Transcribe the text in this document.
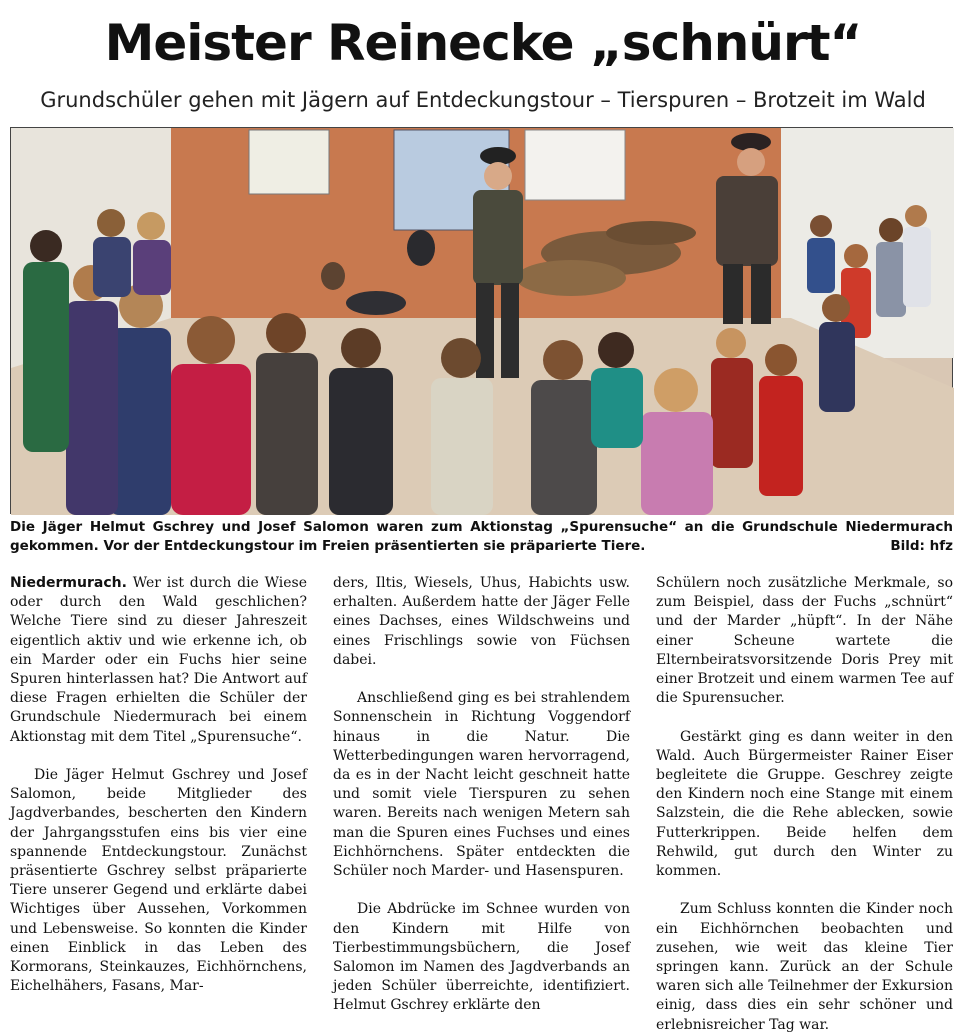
Meister Reinecke „schnürt“
Grundschüler gehen mit Jägern auf Entdeckungstour – Tierspuren – Brotzeit im Wald
Die Jäger Helmut Gschrey und Josef Salomon waren zum Aktionstag „Spurensuche“ an die Grundschule Niedermurach gekommen. Vor der Entdeckungstour im Freien präsentierten sie präparierte Tiere.	Bild: hfz

Niedermurach. Wer ist durch die Wiese oder durch den Wald geschlichen? Welche Tiere sind zu dieser Jahreszeit eigentlich aktiv und wie erkenne ich, ob ein Marder oder ein Fuchs hier seine Spuren hinterlassen hat? Die Antwort auf diese Fragen erhielten die Schüler der Grundschule Niedermurach bei einem Aktionstag mit dem Titel „Spurensuche“.

Die Jäger Helmut Gschrey und Josef Salomon, beide Mitglieder des Jagdverbandes, bescherten den Kindern der Jahrgangsstufen eins bis vier eine spannende Entdeckungstour. Zunächst präsentierte Gschrey selbst präparierte Tiere unserer Gegend und erklärte dabei Wichtiges über Aussehen, Vorkommen und Lebensweise. So konnten die Kinder einen Einblick in das Leben des Kormorans, Steinkauzes, Eichhörnchens, Eichelhähers, Fasans, Mar-

ders, Iltis, Wiesels, Uhus, Habichts usw. erhalten. Außerdem hatte der Jäger Felle eines Dachses, eines Wildschweins und eines Frischlings sowie von Füchsen dabei.

Anschließend ging es bei strahlendem Sonnenschein in Richtung Voggendorf hinaus in die Natur. Die Wetterbedingungen waren hervorragend, da es in der Nacht leicht geschneit hatte und somit viele Tierspuren zu sehen waren. Bereits nach wenigen Metern sah man die Spuren eines Fuchses und eines Eichhörnchens. Später entdeckten die Schüler noch Marder- und Hasenspuren.

Die Abdrücke im Schnee wurden von den Kindern mit Hilfe von Tierbestimmungsbüchern, die Josef Salomon im Namen des Jagdverbands an jeden Schüler überreichte, identifiziert. Helmut Gschrey erklärte den

Schülern noch zusätzliche Merkmale, so zum Beispiel, dass der Fuchs „schnürt“ und der Marder „hüpft“. In der Nähe einer Scheune wartete die Elternbeiratsvorsitzende Doris Prey mit einer Brotzeit und einem warmen Tee auf die Spurensucher.

Gestärkt ging es dann weiter in den Wald. Auch Bürgermeister Rainer Eiser begleitete die Gruppe. Geschrey zeigte den Kindern noch eine Stange mit einem Salzstein, die die Rehe ablecken, sowie Futterkrippen. Beide helfen dem Rehwild, gut durch den Winter zu kommen.

Zum Schluss konnten die Kinder noch ein Eichhörnchen beobachten und zusehen, wie weit das kleine Tier springen kann. Zurück an der Schule waren sich alle Teilnehmer der Exkursion einig, dass dies ein sehr schöner und erlebnisreicher Tag war.
